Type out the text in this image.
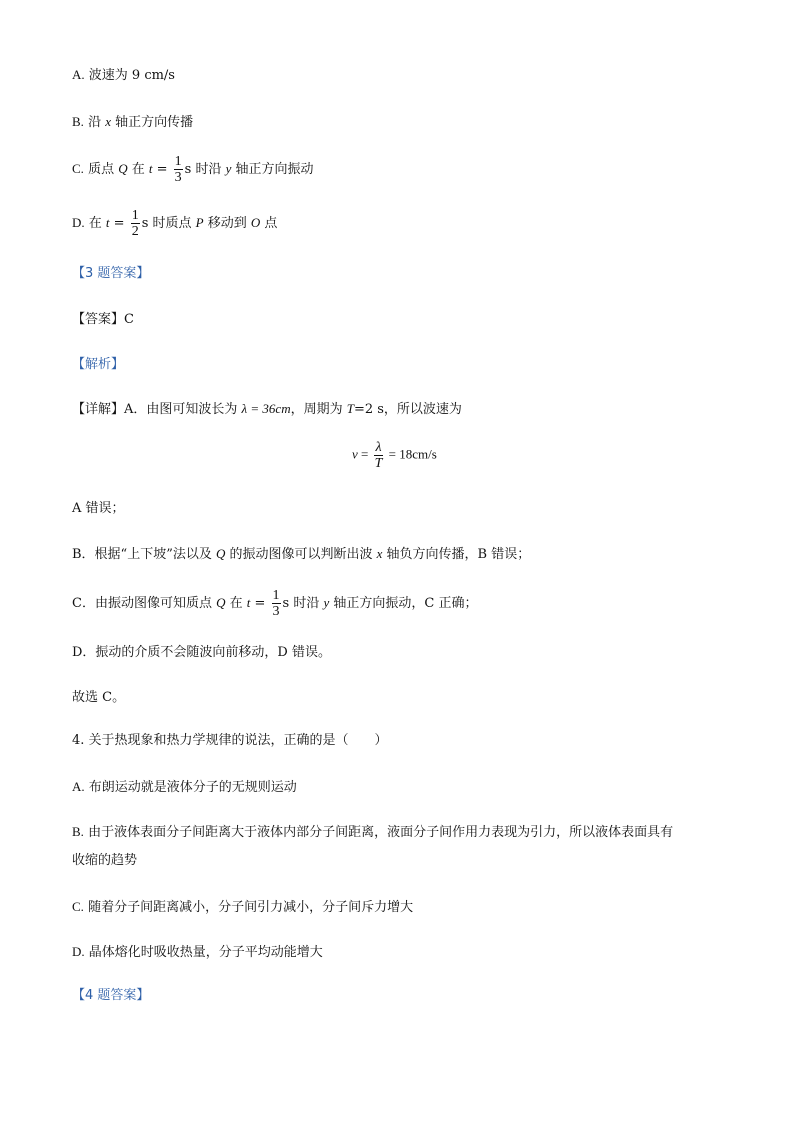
A. 波速为 9 cm/s
B. 沿 x 轴正方向传播
C. 质点 Q 在 $t = \frac{1}{3}$ s 时沿 y 轴正方向振动
D. 在 $t = \frac{1}{2}$ s 时质点 P 移动到 O 点
【3 题答案】
【答案】C
【解析】
【详解】A．由图可知波长为 λ = 36cm，周期为 T=2 s，所以波速为
$v = \frac{\lambda}{T} = 18cm/s$
A 错误；
B．根据“上下坡”法以及 Q 的振动图像可以判断出波 x 轴负方向传播，B 错误；
C．由振动图像可知质点 Q 在 $t = \frac{1}{3}$ s 时沿 y 轴正方向振动，C 正确；
D．振动的介质不会随波向前移动，D 错误。
故选 C。
4. 关于热现象和热力学规律的说法，正确的是（　　）
A. 布朗运动就是液体分子的无规则运动
B. 由于液体表面分子间距离大于液体内部分子间距离，液面分子间作用力表现为引力，所以液体表面具有
收缩的趋势
C. 随着分子间距离减小，分子间引力减小，分子间斥力增大
D. 晶体熔化时吸收热量，分子平均动能增大
【4 题答案】
